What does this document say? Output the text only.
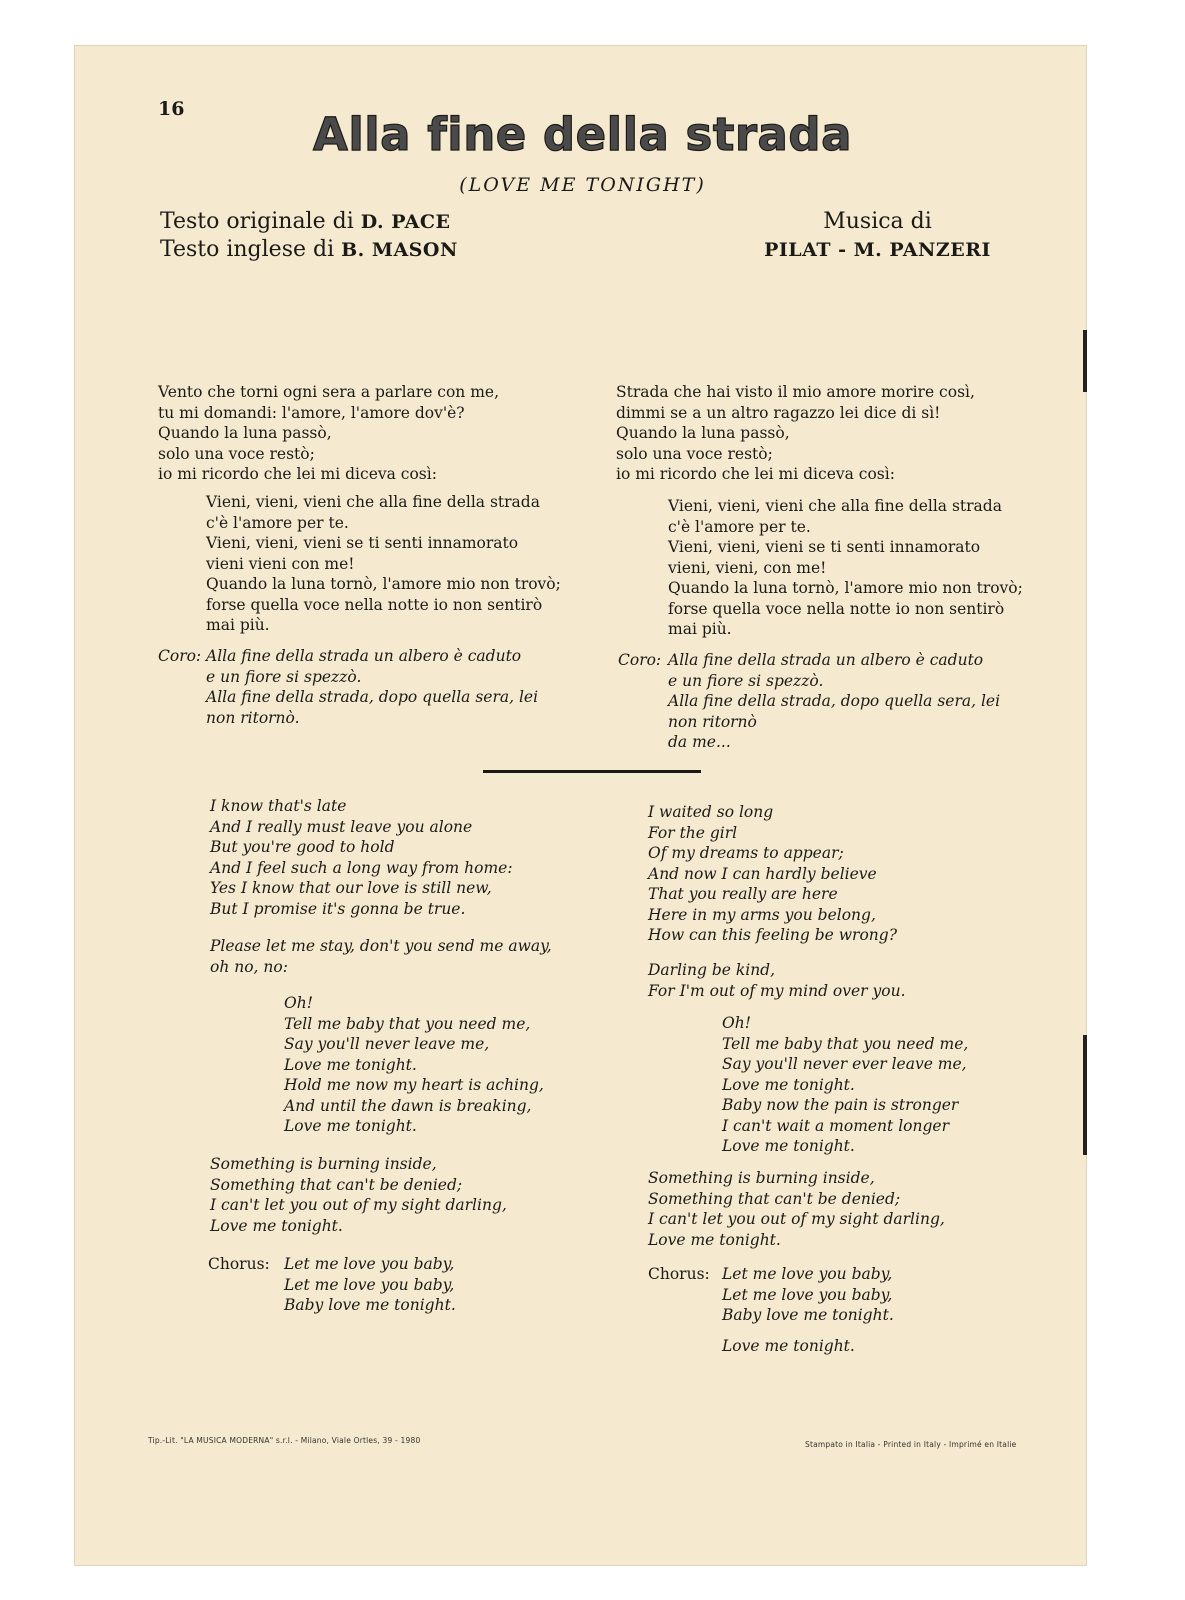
16	Alla fine della strada
(LOVE ME TONIGHT)
Testo originale di D. PACE
Testo inglese di B. MASON
Musica di
PILAT - M. PANZERI
Vento che torni ogni sera a parlare con me,
tu mi domandi: l'amore, l'amore dov'è?
Quando la luna passò,
solo una voce restò;
io mi ricordo che lei mi diceva così:
Vieni, vieni, vieni che alla fine della strada
c'è l'amore per te.
Vieni, vieni, vieni se ti senti innamorato
vieni vieni con me!
Quando la luna tornò, l'amore mio non trovò;
forse quella voce nella notte io non sentirò
mai più.
Coro: Alla fine della strada un albero è caduto
e un fiore si spezzò.
Alla fine della strada, dopo quella sera, lei
non ritornò.
Strada che hai visto il mio amore morire così,
dimmi se a un altro ragazzo lei dice di sì!
Quando la luna passò,
solo una voce restò;
io mi ricordo che lei mi diceva così:
Vieni, vieni, vieni che alla fine della strada
c'è l'amore per te.
Vieni, vieni, vieni se ti senti innamorato
vieni, vieni, con me!
Quando la luna tornò, l'amore mio non trovò;
forse quella voce nella notte io non sentirò
mai più.
Coro: Alla fine della strada un albero è caduto
e un fiore si spezzò.
Alla fine della strada, dopo quella sera, lei
non ritornò
da me...
I know that's late
And I really must leave you alone
But you're good to hold
And I feel such a long way from home:
Yes I know that our love is still new,
But I promise it's gonna be true.
Please let me stay, don't you send me away,
oh no, no:
Oh!
Tell me baby that you need me,
Say you'll never leave me,
Love me tonight.
Hold me now my heart is aching,
And until the dawn is breaking,
Love me tonight.
Something is burning inside,
Something that can't be denied;
I can't let you out of my sight darling,
Love me tonight.
Chorus: Let me love you baby,
Let me love you baby,
Baby love me tonight.
I waited so long
For the girl
Of my dreams to appear;
And now I can hardly believe
That you really are here
Here in my arms you belong,
How can this feeling be wrong?
Darling be kind,
For I'm out of my mind over you.
Oh!
Tell me baby that you need me,
Say you'll never ever leave me,
Love me tonight.
Baby now the pain is stronger
I can't wait a moment longer
Love me tonight.
Something is burning inside,
Something that can't be denied;
I can't let you out of my sight darling,
Love me tonight.
Chorus: Let me love you baby,
Let me love you baby,
Baby love me tonight.
Love me tonight.
Tip.-Lit. "LA MUSICA MODERNA" s.r.l. - Milano, Viale Ortles, 39 - 1980	Stampato in Italia - Printed in Italy - Imprimé en Italie
